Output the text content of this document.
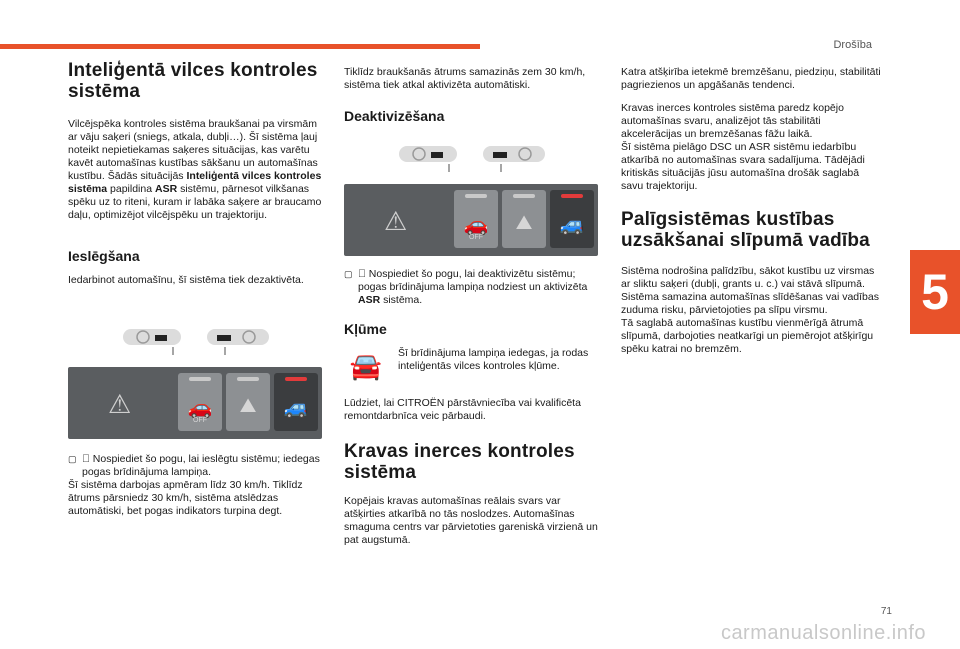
Drošība
5
71
carmanualsonline.info
Inteliģentā vilces kontroles sistēma

Vilcējspēka kontroles sistēma braukšanai pa virsmām ar vāju saķeri (sniegs, atkala, dubļi…). Šī sistēma ļauj noteikt nepietiekamas saķeres situācijas, kas varētu kavēt automašīnas kustības sākšanu un automašīnas kustību. Šādās situācijās Inteliģentā vilces kontroles sistēma papildina ASR sistēmu, pārnesot vilkšanas spēku uz to riteni, kuram ir labāka saķere ar braucamo daļu, optimizējot vilcējspēku un trajektoriju.

Ieslēgšana

Iedarbinot automašīnu, šī sistēma tiek dezaktivēta.

⚠	🚗
OFF
⛰	🚙

▢ Nospiediet šo pogu, lai ieslēgtu sistēmu; iedegas pogas brīdinājuma lampiņa.

Šī sistēma darbojas apmēram līdz 30 km/h. Tiklīdz ātrums pārsniedz 30 km/h, sistēma atslēdzas automātiski, bet pogas indikators turpina degt.

Tiklīdz braukšanās ātrums samazinās zem 30 km/h, sistēma tiek atkal aktivizēta automātiski.

Deaktivizēšana
⚠	🚗
OFF
⛰	🚙

▢ Nospiediet šo pogu, lai deaktivizētu sistēmu; pogas brīdinājuma lampiņa nodziest un aktivizēta ASR sistēma.

Kļūme
🚘	Šī brīdinājuma lampiņa iedegas, ja rodas inteliģentās vilces kontroles kļūme.

Lūdziet, lai CITROËN pārstāvniecība vai kvalificēta remontdarbnīca veic pārbaudi.

Kravas inerces kontroles sistēma

Kopējais kravas automašīnas reālais svars var atšķirties atkarībā no tās noslodzes. Automašīnas smaguma centrs var pārvietoties gareniskā virzienā un pat augstumā.

Katra atšķirība ietekmē bremzēšanu, piedziņu, stabilitāti pagriezienos un apgāšanās tendenci.

Kravas inerces kontroles sistēma paredz kopējo automašīnas svaru, analizējot tās stabilitāti akcelerācijas un bremzēšanas fāžu laikā.
Šī sistēma pielāgo DSC un ASR sistēmu iedarbību atkarībā no automašīnas svara sadalījuma. Tādējādi kritiskās situācijās jūsu automašīna drošāk saglabā savu trajektoriju.

Palīgsistēmas kustības uzsākšanai slīpumā vadība

Sistēma nodrošina palīdzību, sākot kustību uz virsmas ar sliktu saķeri (dubļi, grants u. c.) vai stāvā slīpumā.
Sistēma samazina automašīnas slīdēšanas vai vadības zuduma risku, pārvietojoties pa slīpu virsmu.
Tā saglabā automašīnas kustību vienmērīgā ātrumā slīpumā, darbojoties neatkarīgi un piemērojot atšķirīgu spēku katrai no bremzēm.
